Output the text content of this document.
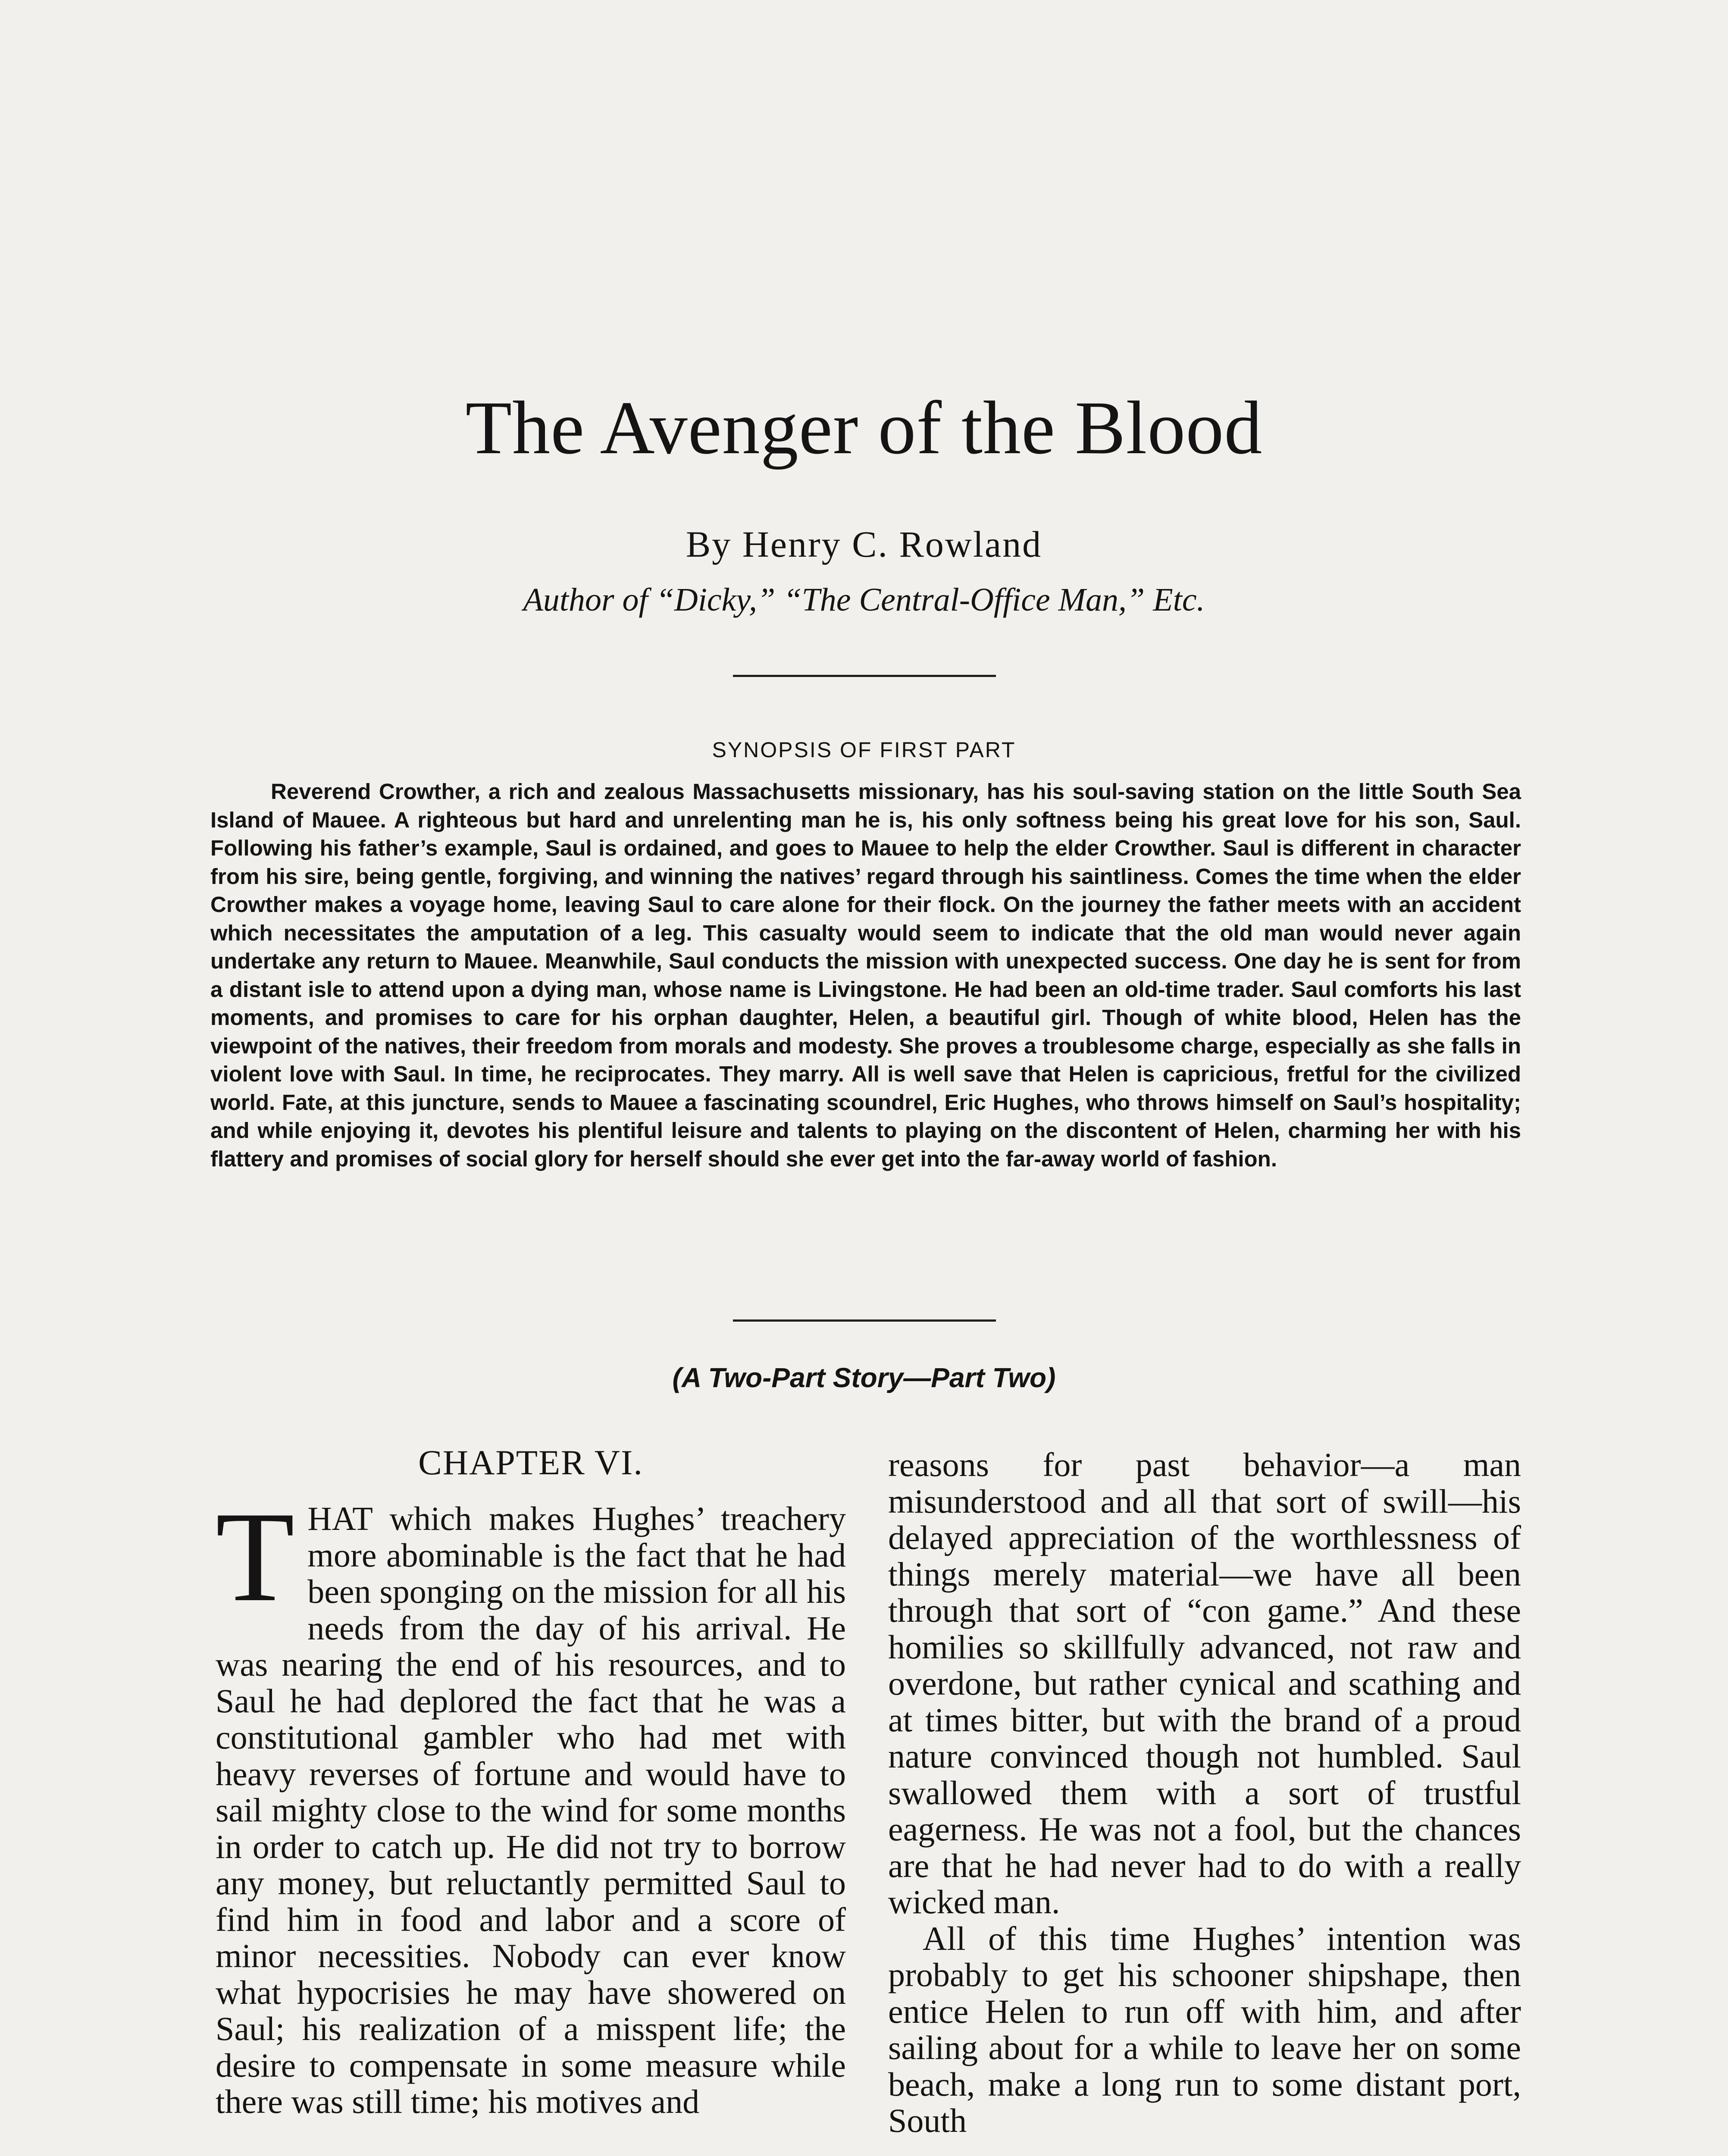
The Avenger of the Blood
By Henry C. Rowland
Author of “Dicky,” “The Central-Office Man,” Etc.
SYNOPSIS OF FIRST PART

Reverend Crowther, a rich and zealous Massachusetts missionary, has his soul-saving station on the little South Sea Island of Mauee. A righteous but hard and unrelenting man he is, his only softness being his great love for his son, Saul. Following his father’s example, Saul is ordained, and goes to Mauee to help the elder Crowther. Saul is different in character from his sire, being gentle, forgiving, and winning the natives’ regard through his saintliness. Comes the time when the elder Crowther makes a voyage home, leaving Saul to care alone for their flock. On the journey the father meets with an accident which necessitates the amputation of a leg. This casualty would seem to indicate that the old man would never again undertake any return to Mauee. Meanwhile, Saul conducts the mission with unexpected success. One day he is sent for from a distant isle to attend upon a dying man, whose name is Livingstone. He had been an old-time trader. Saul comforts his last moments, and promises to care for his orphan daughter, Helen, a beautiful girl. Though of white blood, Helen has the viewpoint of the natives, their freedom from morals and modesty. She proves a troublesome charge, especially as she falls in violent love with Saul. In time, he reciprocates. They marry. All is well save that Helen is capricious, fretful for the civilized world. Fate, at this juncture, sends to Mauee a fascinating scoundrel, Eric Hughes, who throws himself on Saul’s hospitality; and while enjoying it, devotes his plentiful leisure and talents to playing on the discontent of Helen, charming her with his flattery and promises of social glory for herself should she ever get into the far-away world of fashion.

(A Two-Part Story—Part Two)
CHAPTER VI.
T HAT which makes Hughes’ treachery more abominable is the fact that he had been sponging on the mission for all his needs from the day of his arrival. He was nearing the end of his resources, and to Saul he had deplored the fact that he was a constitutional gambler who had met with heavy reverses of fortune and would have to sail mighty close to the wind for some months in order to catch up. He did not try to borrow any money, but reluctantly permitted Saul to find him in food and labor and a score of minor necessities. Nobody can ever know what hypocrisies he may have showered on Saul; his realization of a misspent life; the desire to compensate in some measure while there was still time; his motives and

reasons for past behavior—a man misunderstood and all that sort of swill—his delayed appreciation of the worthlessness of things merely material—we have all been through that sort of “con game.” And these homilies so skillfully advanced, not raw and overdone, but rather cynical and scathing and at times bitter, but with the brand of a proud nature convinced though not humbled. Saul swallowed them with a sort of trustful eagerness. He was not a fool, but the chances are that he had never had to do with a really wicked man.

All of this time Hughes’ intention was probably to get his schooner shipshape, then entice Helen to run off with him, and after sailing about for a while to leave her on some beach, make a long run to some distant port, South
